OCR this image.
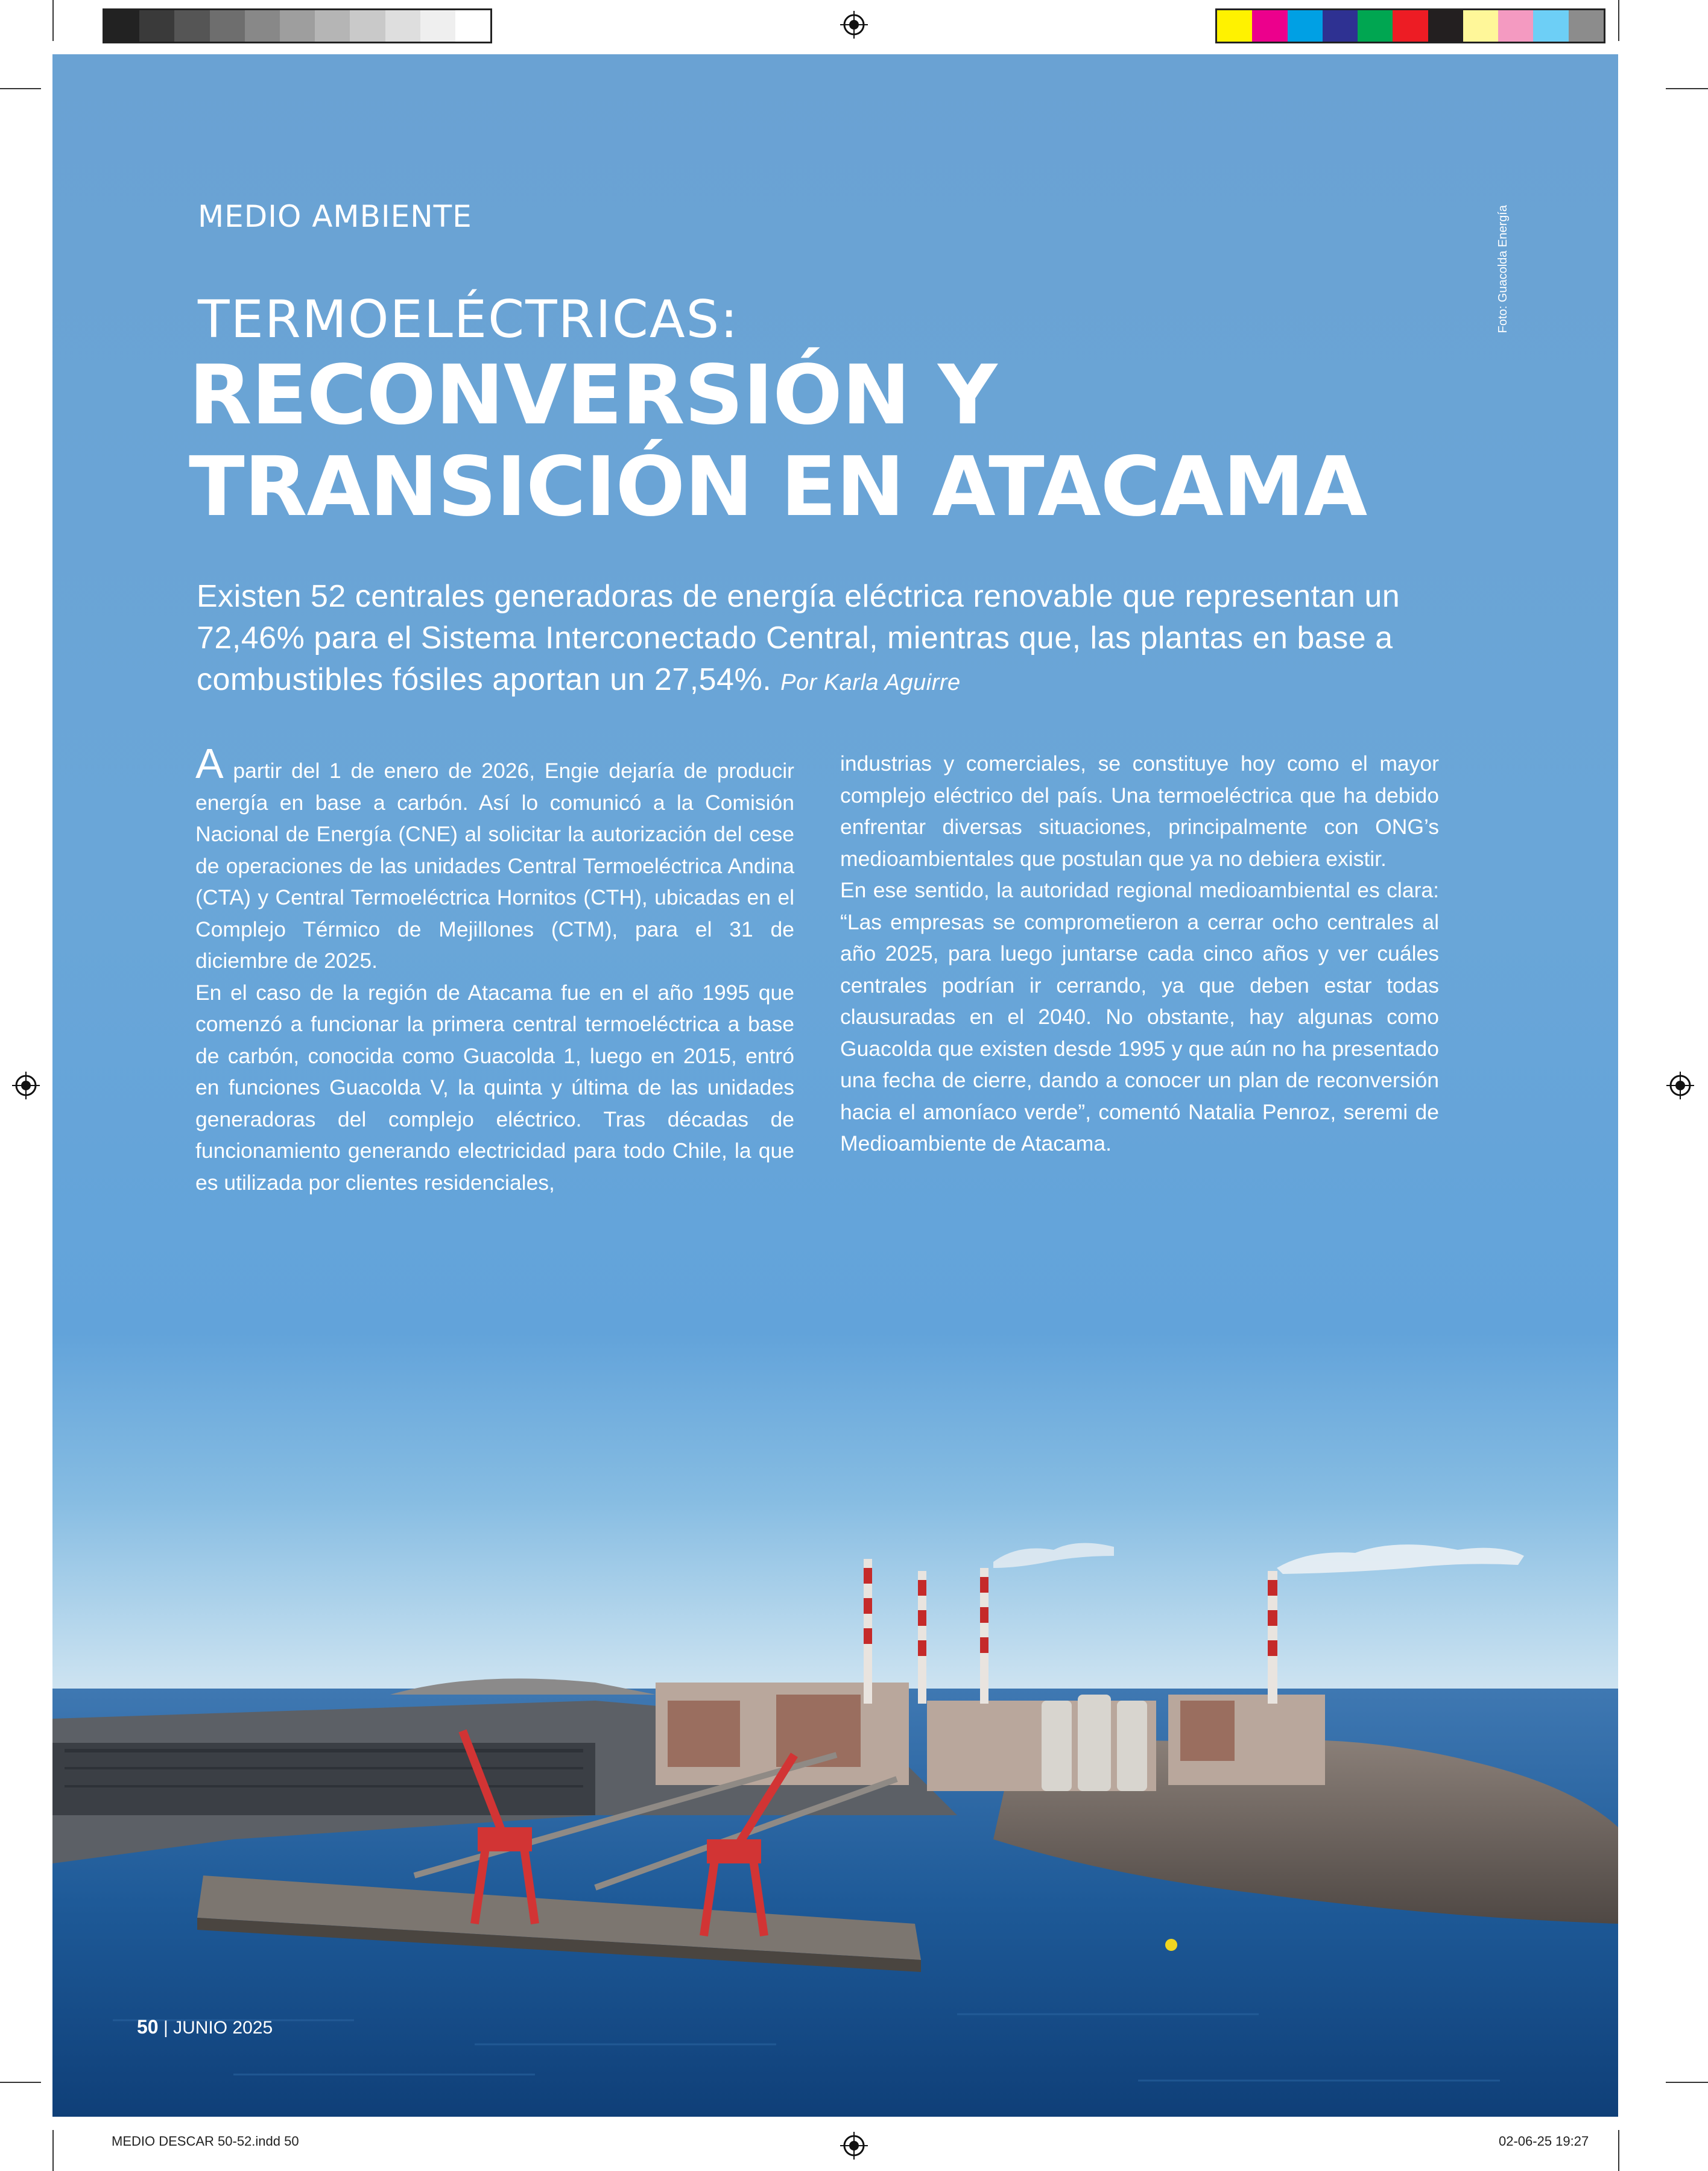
MEDIO AMBIENTE	Foto: Guacolda Energía
TERMOELÉCTRICAS:
RECONVERSIÓN Y
TRANSICIÓN EN ATACAMA
Existen 52 centrales generadoras de energía eléctrica renovable que representan un 72,46% para el Sistema Interconectado Central, mientras que, las plantas en base a combustibles fósiles aportan un 27,54%. Por Karla Aguirre

A partir del 1 de enero de 2026, Engie dejaría de producir energía en base a carbón. Así lo comunicó a la Comisión Nacional de Energía (CNE) al solicitar la autorización del cese de operaciones de las unidades Central Termoeléctrica Andina (CTA) y Central Termoeléctrica Hornitos (CTH), ubicadas en el Complejo Térmico de Mejillones (CTM), para el 31 de diciembre de 2025.

En el caso de la región de Atacama fue en el año 1995 que comenzó a funcionar la primera central termoeléctrica a base de carbón, conocida como Guacolda 1, luego en 2015, entró en funciones Guacolda V, la quinta y última de las unidades generadoras del complejo eléctrico. Tras décadas de funcionamiento generando electricidad para todo Chile, la que es utilizada por clientes residenciales,

industrias y comerciales, se constituye hoy como el mayor complejo eléctrico del país. Una termoeléctrica que ha debido enfrentar diversas situaciones, principalmente con ONG’s medioambientales que postulan que ya no debiera existir.

En ese sentido, la autoridad regional medioambiental es clara: “Las empresas se comprometieron a cerrar ocho centrales al año 2025, para luego juntarse cada cinco años y ver cuáles centrales podrían ir cerrando, ya que deben estar todas clausuradas en el 2040. No obstante, hay algunas como Guacolda que existen desde 1995 y que aún no ha presentado una fecha de cierre, dando a conocer un plan de reconversión hacia el amoníaco verde”, comentó Natalia Penroz, seremi de Medioambiente de Atacama.

50 | JUNIO 2025
MEDIO DESCAR 50-52.indd 50	02-06-25 19:27
